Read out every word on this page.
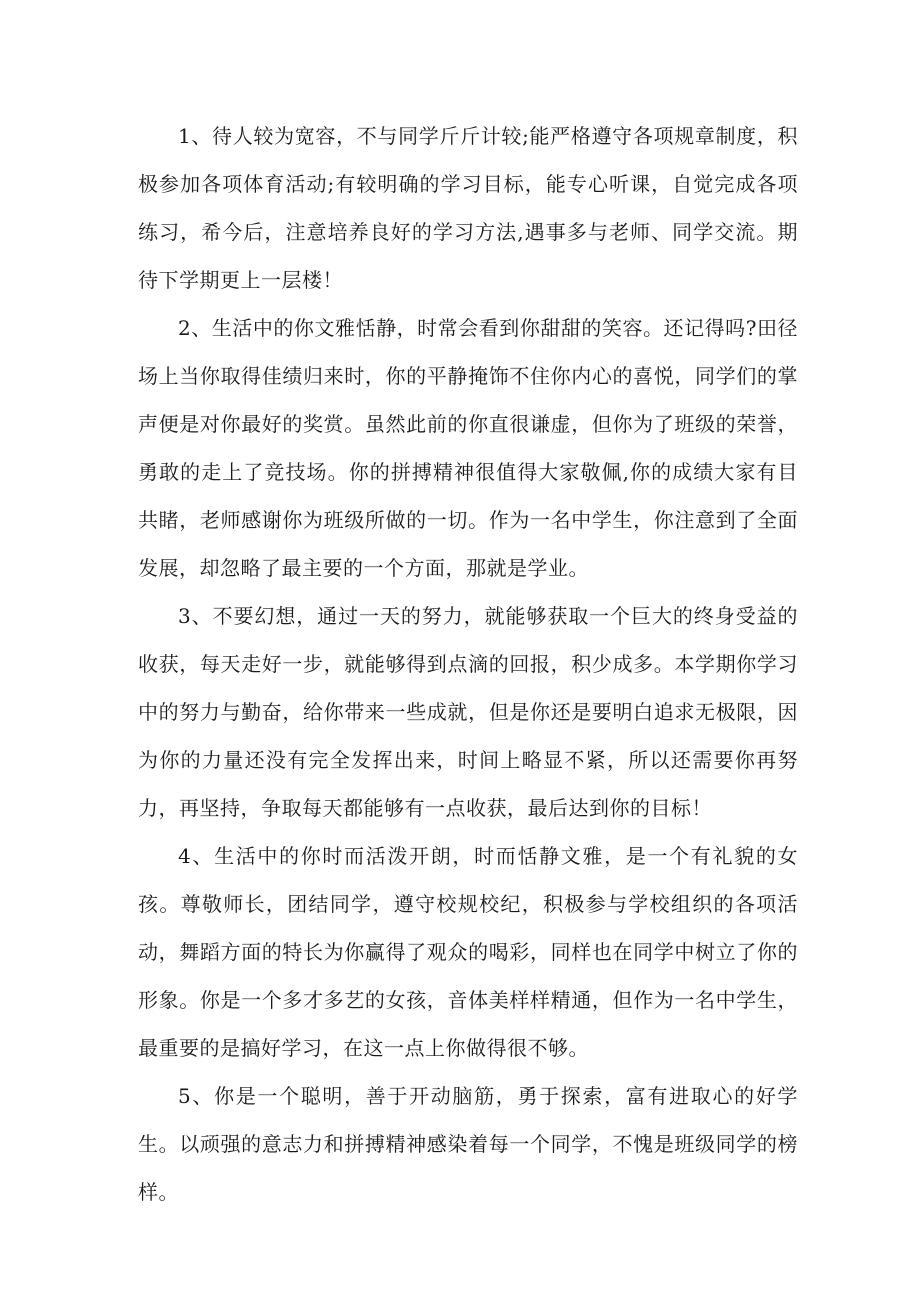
1、待人较为宽容，不与同学斤斤计较;能严格遵守各项规章制度，积极参加各项体育活动;有较明确的学习目标，能专心听课，自觉完成各项练习，希今后，注意培养良好的学习方法,遇事多与老师、同学交流。期待下学期更上一层楼！

2、生活中的你文雅恬静，时常会看到你甜甜的笑容。还记得吗?田径场上当你取得佳绩归来时，你的平静掩饰不住你内心的喜悦，同学们的掌声便是对你最好的奖赏。虽然此前的你直很谦虚，但你为了班级的荣誉，勇敢的走上了竞技场。你的拼搏精神很值得大家敬佩,你的成绩大家有目共睹，老师感谢你为班级所做的一切。作为一名中学生，你注意到了全面发展，却忽略了最主要的一个方面，那就是学业。

3、不要幻想，通过一天的努力，就能够获取一个巨大的终身受益的收获，每天走好一步，就能够得到点滴的回报，积少成多。本学期你学习中的努力与勤奋，给你带来一些成就，但是你还是要明白追求无极限，因为你的力量还没有完全发挥出来，时间上略显不紧，所以还需要你再努力，再坚持，争取每天都能够有一点收获，最后达到你的目标！

4、生活中的你时而活泼开朗，时而恬静文雅，是一个有礼貌的女孩。尊敬师长，团结同学，遵守校规校纪，积极参与学校组织的各项活动，舞蹈方面的特长为你赢得了观众的喝彩，同样也在同学中树立了你的形象。你是一个多才多艺的女孩，音体美样样精通，但作为一名中学生，最重要的是搞好学习，在这一点上你做得很不够。

5、你是一个聪明，善于开动脑筋，勇于探索，富有进取心的好学生。以顽强的意志力和拼搏精神感染着每一个同学，不愧是班级同学的榜样。
